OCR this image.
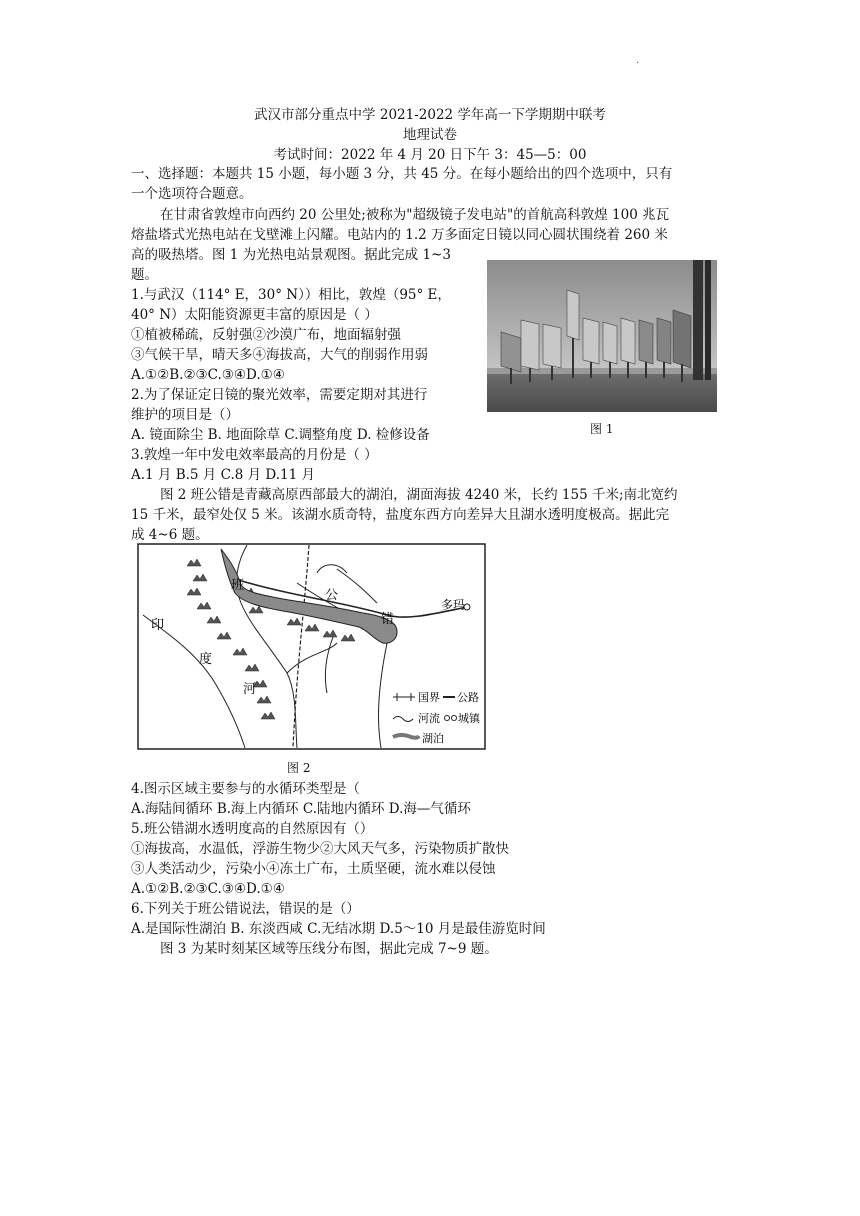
·
武汉市部分重点中学 2021-2022 学年高一下学期期中联考
地理试卷
考试时间：2022 年 4 月 20 日下午 3：45—5：00
一、选择题：本题共 15 小题，每小题 3 分，共 45 分。在每小题给出的四个选项中，只有
一个选项符合题意。
在甘肃省敦煌市向西约 20 公里处;被称为"超级镜子发电站"的首航高科敦煌 100 兆瓦
熔盐塔式光热电站在戈壁滩上闪耀。电站内的 1.2 万多面定日镜以同心圆状围绕着 260 米
高的吸热塔。图 1 为光热电站景观图。据此完成 1~3
题。
图 1
1.与武汉（114° E，30° N））相比，敦煌（95° E，
40° N）太阳能资源更丰富的原因是（ ）
①植被稀疏，反射强②沙漠广布，地面辐射强
③气候干旱，晴天多④海拔高，大气的削弱作用弱
A.①②B.②③C.③④D.①④
2.为了保证定日镜的聚光效率，需要定期对其进行
维护的项目是（）
A. 镜面除尘 B. 地面除草 C.调整角度 D. 检修设备
3.敦煌一年中发电效率最高的月份是（ ）
A.1 月 B.5 月 C.8 月 D.11 月
图 2 班公错是青藏高原西部最大的湖泊，湖面海拔 4240 米，长约 155 千米;南北宽约
15 千米，最窄处仅 5 米。该湖水质奇特，盐度东西方向差异大且湖水透明度极高。据此完
成 4~6 题。
班
公
错
多玛
印
度
河
国界 公路
河流 城镇
湖泊
图 2
4.图示区域主要参与的水循环类型是（
A.海陆间循环 B.海上内循环 C.陆地内循环 D.海—气循环
5.班公错湖水透明度高的自然原因有（）
①海拔高，水温低，浮游生物少②大风天气多，污染物质扩散快
③人类活动少，污染小④冻土广布，土质坚硬，流水难以侵蚀
A.①②B.②③C.③④D.①④
6.下列关于班公错说法，错误的是（）
A.是国际性湖泊 B. 东淡西咸 C.无结冰期 D.5～10 月是最佳游览时间
图 3 为某时刻某区域等压线分布图，据此完成 7~9 题。
